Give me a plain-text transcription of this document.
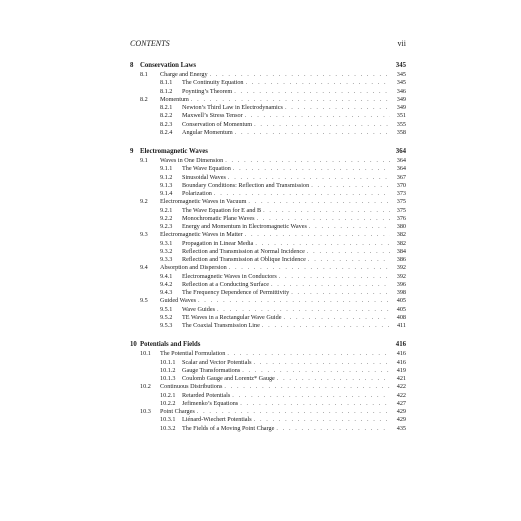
CONTENTS	vii
8 Conservation Laws	345
8.1	Charge and Energy . . .	345
8.1.1	The Continuity Equation . . .	345
8.1.2	Poynting’s Theorem . . .	346
8.2	Momentum . . .	349
8.2.1	Newton’s Third Law in Electrodynamics . . .	349
8.2.2	Maxwell’s Stress Tensor . . .	351
8.2.3	Conservation of Momentum . . .	355
8.2.4	Angular Momentum . . .	358
9 Electromagnetic Waves	364
9.1	Waves in One Dimension . . .	364
9.1.1	The Wave Equation . . .	364
9.1.2	Sinusoidal Waves . . .	367
9.1.3	Boundary Conditions: Reflection and Transmission . . .	370
9.1.4	Polarization . . .	373
9.2	Electromagnetic Waves in Vacuum . . .	375
9.2.1	The Wave Equation for E and B . . .	375
9.2.2	Monochromatic Plane Waves . . .	376
9.2.3	Energy and Momentum in Electromagnetic Waves . . .	380
9.3	Electromagnetic Waves in Matter . . .	382
9.3.1	Propagation in Linear Media . . .	382
9.3.2	Reflection and Transmission at Normal Incidence . . .	384
9.3.3	Reflection and Transmission at Oblique Incidence . . .	386
9.4	Absorption and Dispersion . . .	392
9.4.1	Electromagnetic Waves in Conductors . . .	392
9.4.2	Reflection at a Conducting Surface . . .	396
9.4.3	The Frequency Dependence of Permittivity . . .	398
9.5	Guided Waves . . .	405
9.5.1	Wave Guides . . .	405
9.5.2	TE Waves in a Rectangular Wave Guide . . .	408
9.5.3	The Coaxial Transmission Line . . .	411
10 Potentials and Fields	416
10.1	The Potential Formulation . . .	416
10.1.1	Scalar and Vector Potentials . . .	416
10.1.2	Gauge Transformations . . .	419
10.1.3	Coulomb Gauge and Lorentz* Gauge . . .	421
10.2	Continuous Distributions . . .	422
10.2.1	Retarded Potentials . . .	422
10.2.2	Jefimenko’s Equations . . .	427
10.3	Point Charges . . .	429
10.3.1	Liénard-Wiechert Potentials . . .	429
10.3.2	The Fields of a Moving Point Charge . . .	435
